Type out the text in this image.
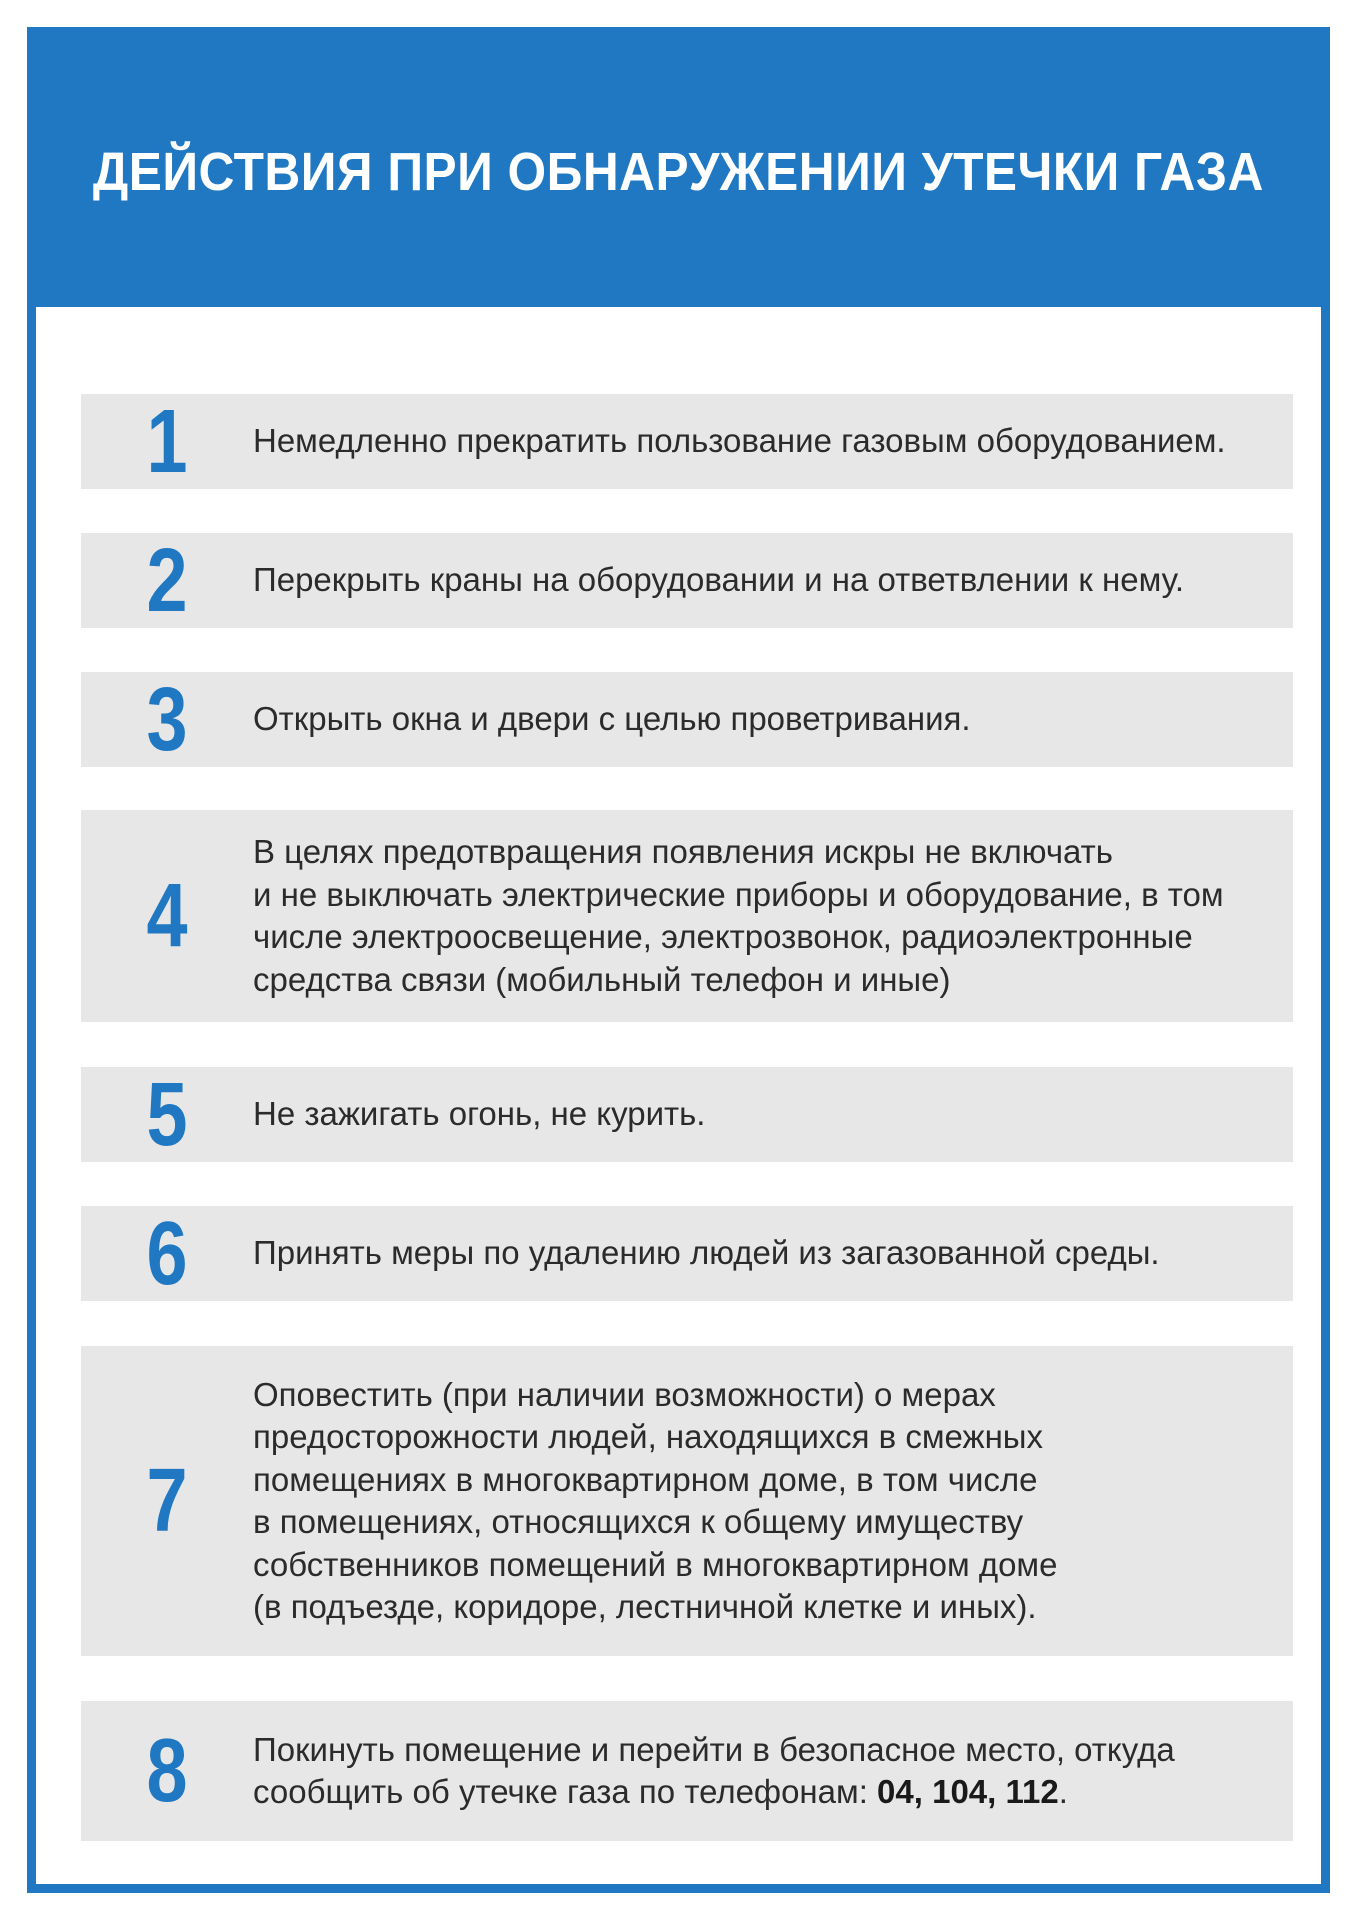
ДЕЙСТВИЯ ПРИ ОБНАРУЖЕНИИ УТЕЧКИ ГАЗА
1	Немедленно прекратить пользование газовым оборудованием.
2	Перекрыть краны на оборудовании и на ответвлении к нему.
3	Открыть окна и двери с целью проветривания.
4
В целях предотвращения появления искры не включать
и не выключать электрические приборы и оборудование, в том
числе электроосвещение, электрозвонок, радиоэлектронные
средства связи (мобильный телефон и иные)
5	Не зажигать огонь, не курить.
6	Принять меры по удалению людей из загазованной среды.
7
Оповестить (при наличии возможности) о мерах
предосторожности людей, находящихся в смежных
помещениях в многоквартирном доме, в том числе
в помещениях, относящихся к общему имуществу
собственников помещений в многоквартирном доме
(в подъезде, коридоре, лестничной клетке и иных).
8	Покинуть помещение и перейти в безопасное место, откуда
сообщить об утечке газа по телефонам: 04, 104, 112.
